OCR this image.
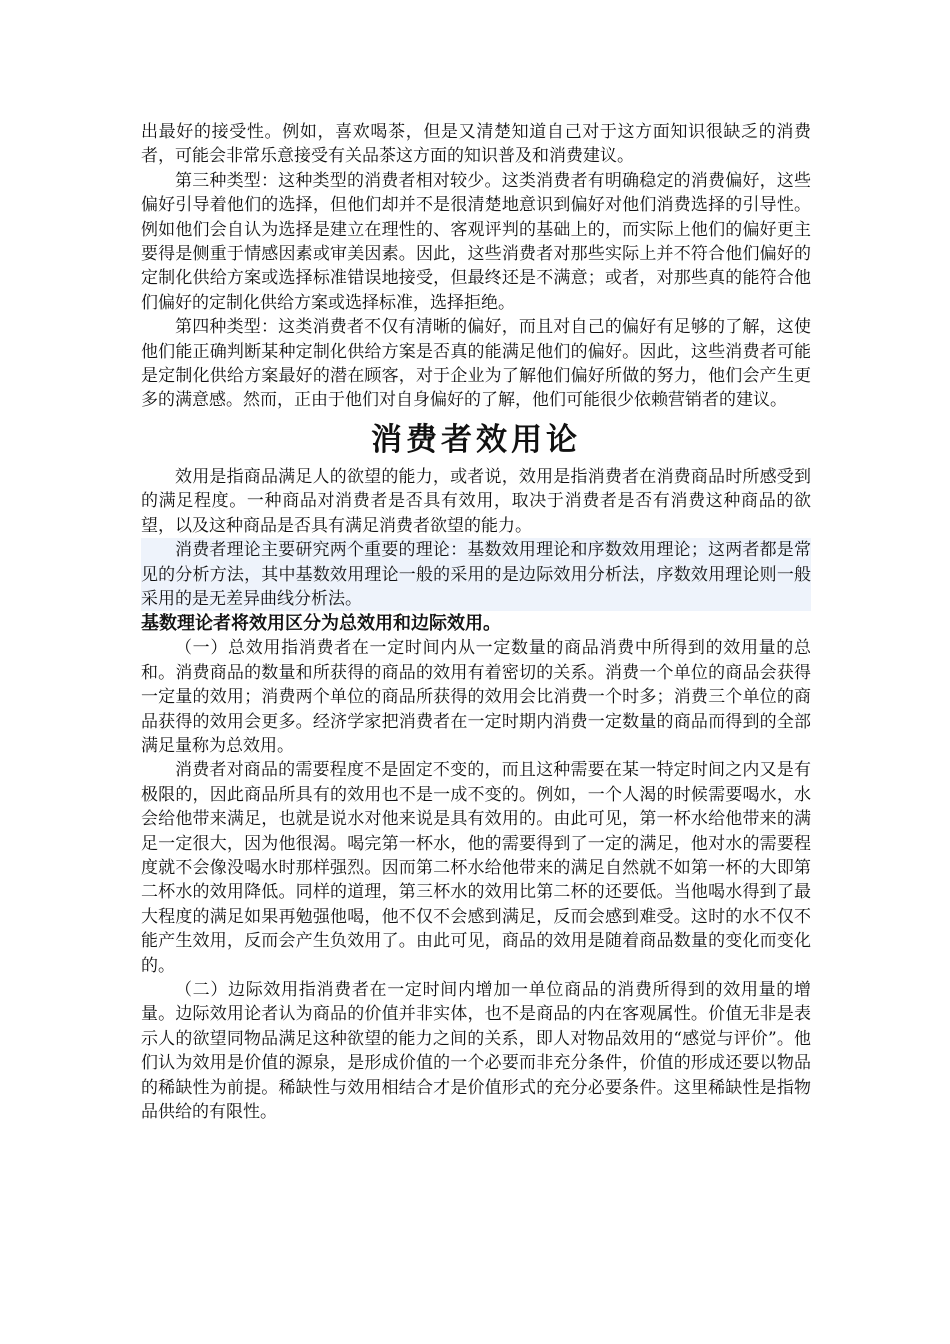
出最好的接受性。例如，喜欢喝茶，但是又清楚知道自己对于这方面知识很缺乏的消费者，可能会非常乐意接受有关品茶这方面的知识普及和消费建议。

第三种类型：这种类型的消费者相对较少。这类消费者有明确稳定的消费偏好，这些偏好引导着他们的选择，但他们却并不是很清楚地意识到偏好对他们消费选择的引导性。例如他们会自认为选择是建立在理性的、客观评判的基础上的，而实际上他们的偏好更主要得是侧重于情感因素或审美因素。因此，这些消费者对那些实际上并不符合他们偏好的定制化供给方案或选择标准错误地接受，但最终还是不满意；或者，对那些真的能符合他们偏好的定制化供给方案或选择标准，选择拒绝。

第四种类型：这类消费者不仅有清晰的偏好，而且对自己的偏好有足够的了解，这使他们能正确判断某种定制化供给方案是否真的能满足他们的偏好。因此，这些消费者可能是定制化供给方案最好的潜在顾客，对于企业为了解他们偏好所做的努力，他们会产生更多的满意感。然而，正由于他们对自身偏好的了解，他们可能很少依赖营销者的建议。

消费者效用论

效用是指商品满足人的欲望的能力，或者说，效用是指消费者在消费商品时所感受到的满足程度。一种商品对消费者是否具有效用，取决于消费者是否有消费这种商品的欲望，以及这种商品是否具有满足消费者欲望的能力。

消费者理论主要研究两个重要的理论：基数效用理论和序数效用理论；这两者都是常见的分析方法，其中基数效用理论一般的采用的是边际效用分析法，序数效用理论则一般采用的是无差异曲线分析法。

基数理论者将效用区分为总效用和边际效用。

（一）总效用指消费者在一定时间内从一定数量的商品消费中所得到的效用量的总和。消费商品的数量和所获得的商品的效用有着密切的关系。消费一个单位的商品会获得一定量的效用；消费两个单位的商品所获得的效用会比消费一个时多；消费三个单位的商品获得的效用会更多。经济学家把消费者在一定时期内消费一定数量的商品而得到的全部满足量称为总效用。

消费者对商品的需要程度不是固定不变的，而且这种需要在某一特定时间之内又是有极限的，因此商品所具有的效用也不是一成不变的。例如，一个人渴的时候需要喝水，水会给他带来满足，也就是说水对他来说是具有效用的。由此可见，第一杯水给他带来的满足一定很大，因为他很渴。喝完第一杯水，他的需要得到了一定的满足，他对水的需要程度就不会像没喝水时那样强烈。因而第二杯水给他带来的满足自然就不如第一杯的大即第二杯水的效用降低。同样的道理，第三杯水的效用比第二杯的还要低。当他喝水得到了最大程度的满足如果再勉强他喝，他不仅不会感到满足，反而会感到难受。这时的水不仅不能产生效用，反而会产生负效用了。由此可见，商品的效用是随着商品数量的变化而变化的。

（二）边际效用指消费者在一定时间内增加一单位商品的消费所得到的效用量的增量。边际效用论者认为商品的价值并非实体，也不是商品的内在客观属性。价值无非是表示人的欲望同物品满足这种欲望的能力之间的关系，即人对物品效用的“感觉与评价”。他们认为效用是价值的源泉，是形成价值的一个必要而非充分条件，价值的形成还要以物品的稀缺性为前提。稀缺性与效用相结合才是价值形式的充分必要条件。这里稀缺性是指物品供给的有限性。
